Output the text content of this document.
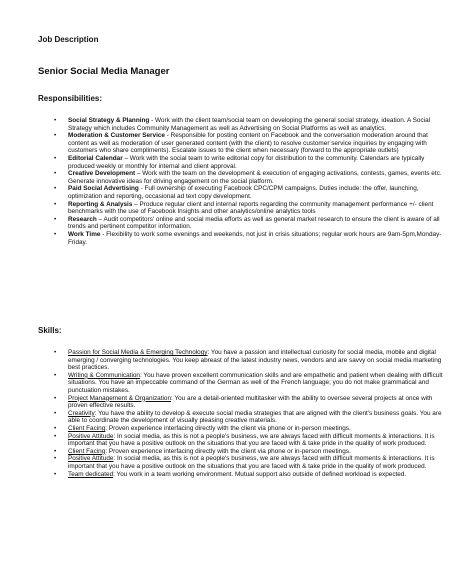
Job Description
Senior Social Media Manager
Responsibilities:
• Social Strategy & Planning - Work with the client team/social team on developing the general social strategy, ideation. A Social Strategy which includes Community Management as well as Advertising on Social Platforms as well as analytics.
• Moderation & Customer Service - Responsible for posting content on Facebook and the conversation moderation around that content as well as moderation of user generated content (with the client) to resolve customer service inquiries by engaging with customers who share compliments). Escalate issues to the client when necessary (forward to the appropriate outlets)
• Editorial Calendar – Work with the social team to write editorial copy for distribution to the community. Calendars are typically produced weekly or monthly for internal and client approval.
• Creative Development – Work with the team on the development & execution of engaging activations, contests, games, events etc. Generate innovative ideas for driving engagement on the social platform.
• Paid Social Advertising - Full ownership of executing Facebook CPC/CPM campaigns. Duties include: the offer, launching, optimization and reporting, occasional ad text copy development.
• Reporting & Analysis – Produce regular client and internal reports regarding the community management performance +/- client benchmarks with the use of Facebook Insights and other analytics/online analytics tools
• Research – Audit competitors' online and social media efforts as well as general market research to ensure the client is aware of all trends and pertinent competitor information.
• Work Time - Flexibility to work some evenings and weekends, not just in crisis situations; regular work hours are 9am-5pm,Monday-Friday.
Skills:
• Passion for Social Media & Emerging Technology: You have a passion and intellectual curiosity for social media, mobile and digital emerging / converging technologies. You keep abreast of the latest industry news, vendors and are savvy on social media marketing best practices.
• Writing & Communication: You have proven excellent communication skills and are empathetic and patient when dealing with difficult situations. You have an impeccable command of the German as well of the French language; you do not make grammatical and punctuation mistakes.
• Project Management & Organization: You are a detail-oriented multitasker with the ability to oversee several projects at once with proven effective results.
• Creativity: You have the ability to develop & execute social media strategies that are aligned with the client's business goals. You are able to coordinate the development of visually pleasing creative materials.
• Client Facing: Proven experience interfacing directly with the client via phone or in-person meetings.
• Positive Attitude: In social media, as this is not a people's business, we are always faced with difficult moments & interactions. It is important that you have a positive outlook on the situations that you are faced with & take pride in the quality of work produced.
• Client Facing: Proven experience interfacing directly with the client via phone or in-person meetings.
• Positive Attitude: In social media, as this is not a people's business, we are always faced with difficult moments & interactions. It is important that you have a positive outlook on the situations that you are faced with & take pride in the quality of work produced.
• Team dedicated: You work in a team working environment. Mutual support also outside of defined workload is expected.
